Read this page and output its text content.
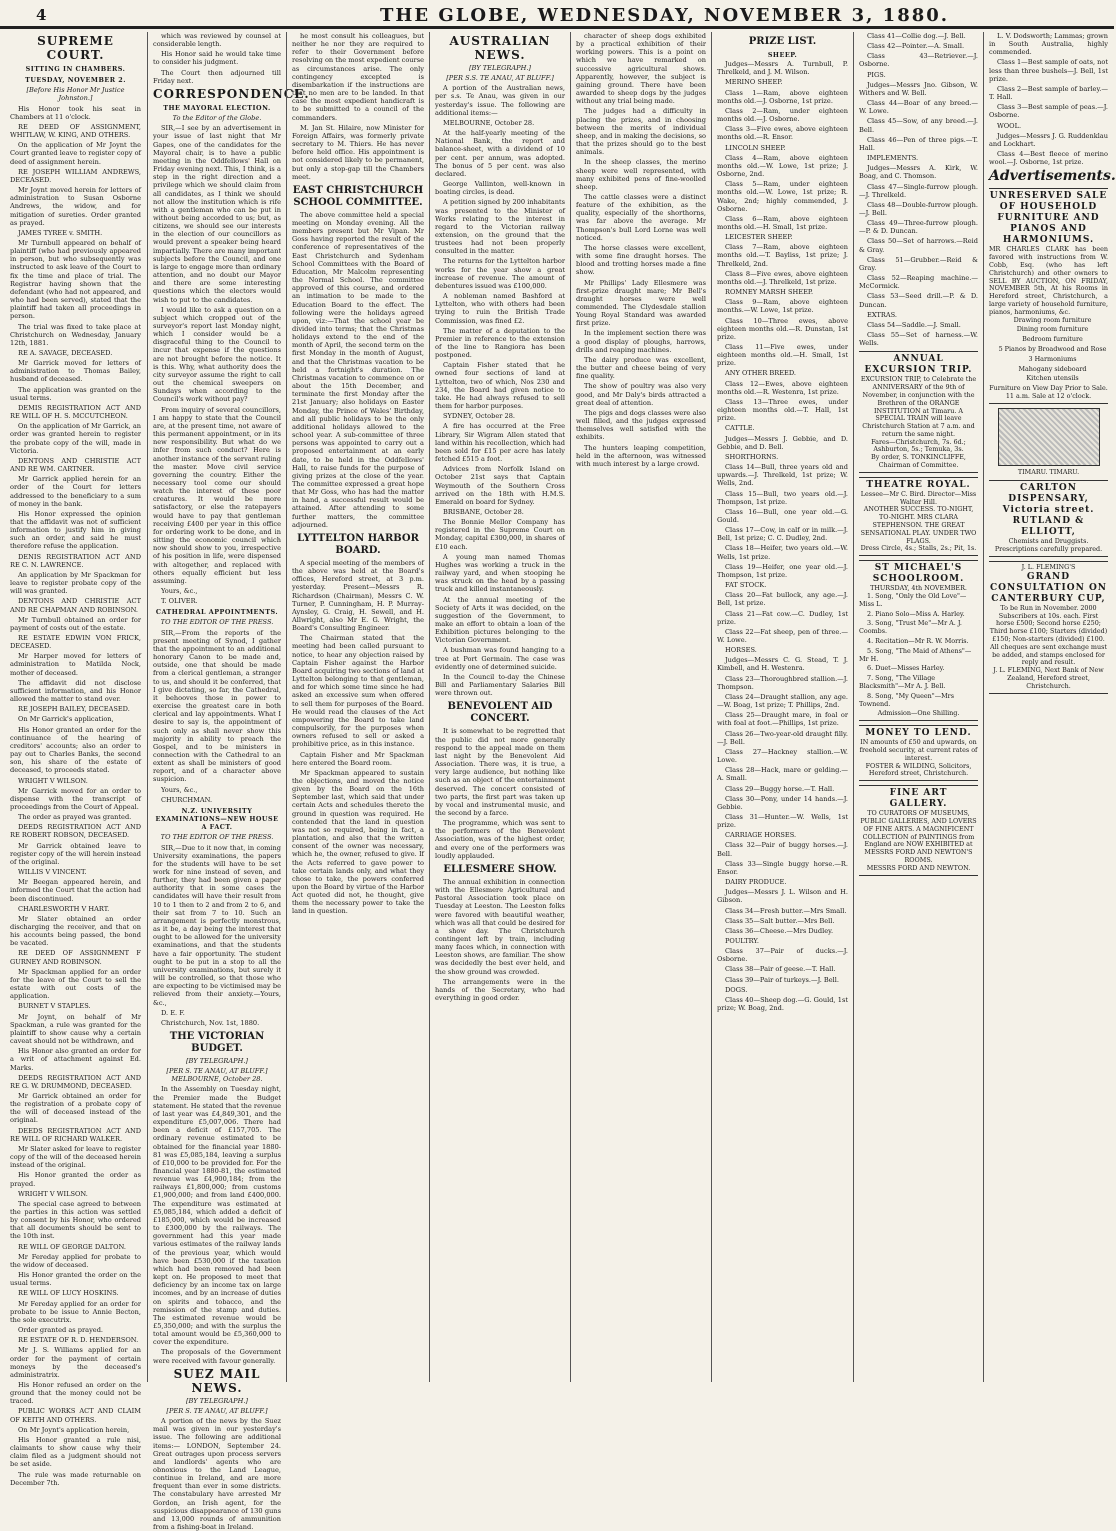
4	THE GLOBE, WEDNESDAY, NOVEMBER 3, 1880.
SUPREME COURT.
SITTING IN CHAMBERS.
TUESDAY, NOVEMBER 2.
[Before His Honor Mr Justice Johnston.]

His Honor took his seat in Chambers at 11 o'clock.

RE DEED OF ASSIGNMENT, WHITLAW, W. KING, AND OTHERS.

On the application of Mr Joynt the Court granted leave to register copy of deed of assignment herein.

RE JOSEPH WILLIAM ANDREWS, DECEASED.

Mr Joynt moved herein for letters of administration to Susan Osborne Andrews, the widow, and for mitigation of sureties. Order granted as prayed.

JAMES TYREE v. SMITH.

Mr Turnbull appeared on behalf of plaintiff (who had previously appeared in person, but who subsequently was instructed to ask leave of the Court to fix the time and place of trial. The Registrar having shown that the defendant (who had not appeared, and who had been served), stated that the plaintiff had taken all proceedings in person.

The trial was fixed to take place at Christchurch on Wednesday, January 12th, 1881.

RE A. SAVAGE, DECEASED.

Mr Garrick moved for letters of administration to Thomas Bailey, husband of deceased.

The application was granted on the usual terms.

DEMIS REGISTRATION ACT AND RE WILL OF H. S. MCCUTCHEON.

On the application of Mr Garrick, an order was granted herein to register the probate copy of the will, made in Victoria.

DENTONS AND CHRISTIE ACT AND RE WM. CARTNER.

Mr Garrick applied herein for an order of the Court for letters addressed to the beneficiary to a sum of money in the bank.

His Honor expressed the opinion that the affidavit was not of sufficient information to justify him in giving such an order, and said he must therefore refuse the application.

DENIS REGISTRATION ACT AND RE C. N. LAWRENCE.

An application by Mr Spackman for leave to register probate copy of the will was granted.

DENTONS AND CHRISTIE ACT AND RE CHAPMAN AND ROBINSON.

Mr Turnbull obtained an order for payment of costs out of the estate.

RE ESTATE EDWIN VON FRICK, DECEASED.

Mr Harper moved for letters of administration to Matilda Nock, mother of deceased.

The affidavit did not disclose sufficient information, and his Honor allowed the matter to stand over.

RE JOSEPH BAILEY, DECEASED.

On Mr Garrick's application,

His Honor granted an order for the continuance of the hearing of creditors' accounts; also an order to pay out to Charles Banks, the second son, his share of the estate of deceased, to proceeds stated.

WRIGHT V WILSON.

Mr Garrick moved for an order to dispense with the transcript of proceedings from the Court of Appeal.

The order as prayed was granted.

DEEDS REGISTRATION ACT AND RE ROBERT ROBSON, DECEASED.

Mr Garrick obtained leave to register copy of the will herein instead of the original.

WILLIS V VINCENT.

Mr Beegan appeared herein, and informed the Court that the action had been discontinued.

CHARLESWORTH V HART.

Mr Slater obtained an order discharging the receiver, and that on his accounts being passed, the bond be vacated.

RE DEED OF ASSIGNMENT F GURNEY AND ROBINSON.

Mr Spackman applied for an order for the leave of the Court to sell the estate with out costs of the application.

BURNET V STAPLES.

Mr Joynt, on behalf of Mr Spackman, a rule was granted for the plaintiff to show cause why a certain caveat should not be withdrawn, and

His Honor also granted an order for a writ of attachment against Ed. Marks.

DEEDS REGISTRATION ACT AND RE G. W. DRUMMOND, DECEASED.

Mr Garrick obtained an order for the registration of a probate copy of the will of deceased instead of the original.

DEEDS REGISTRATION ACT AND RE WILL OF RICHARD WALKER.

Mr Slater asked for leave to register copy of the will of the deceased herein instead of the original.

His Honor granted the order as prayed.

WRIGHT V WILSON.

The special case agreed to between the parties in this action was settled by consent by his Honor, who ordered that all documents should be sent to the 10th inst.

RE WILL OF GEORGE DALTON.

Mr Fereday applied for probate to the widow of deceased.

His Honor granted the order on the usual terms.

RE WILL OF LUCY HOSKINS.

Mr Fereday applied for an order for probate to be issue to Annie Becton, the sole executrix.

Order granted as prayed.

RE ESTATE OF R. D. HENDERSON.

Mr J. S. Williams applied for an order for the payment of certain moneys by the deceased's administratrix.

His Honor refused an order on the ground that the money could not be traced.

PUBLIC WORKS ACT AND CLAIM OF KEITH AND OTHERS.

On Mr Joynt's application herein,

His Honor granted a rule nisi, claimants to show cause why their claim filed as a judgment should not be set aside.

The rule was made returnable on December 7th.

which was reviewed by counsel at considerable length.

His Honor said he would take time to consider his judgment.

The Court then adjourned till Friday next.

CORRESPONDENCE.
THE MAYORAL ELECTION.
To the Editor of the Globe.

SIR,—I see by an advertisement in your issue of last night that Mr Gapes, one of the candidates for the Mayoral chair, is to have a public meeting in the Oddfellows' Hall on Friday evening next. This, I think, is a step in the right direction and a privilege which we should claim from all candidates, as I think we should not allow the institution which is rife with a gentleman who can be put in without being accorded to us; but, as citizens, we should see our interests in the election of our councillors as would prevent a speaker being heard impartially. There are many important subjects before the Council, and one is large to engage more than ordinary attention, and no doubt our Mayor and there are some interesting questions which the electors would wish to put to the candidates.

I would like to ask a question on a subject which cropped out of the surveyor's report last Monday night, which I consider would be a disgraceful thing to the Council to incur that expense if the questions are not brought before the notice. It is this. Why, what authority does the city surveyor assume the right to call out the chemical sweepers on Sundays when according to the Council's work without pay?

From inquiry of several councillors, I am happy to state that the Council are, at the present time, not aware of this permanent appointment, or in its new responsibility. But what do we infer from such conduct? Here is another instance of the servant ruling the master. Move civil service governing the country. Either the necessary tool come our should watch the interest of these poor creatures. It would be more satisfactory, or else the ratepayers would have to pay that gentleman receiving £400 per year in this office for ordering work to be done, and in sitting the economic council which now should show to you, irrespective of his position in life, were dispensed with altogether, and replaced with others equally efficient but less assuming.

Yours, &c.,

T. OLIVER.

CATHEDRAL APPOINTMENTS.
TO THE EDITOR OF THE PRESS.

SIR,—From the reports of the present meeting of Synod, I gather that the appointment to an additional honorary Canon to be made and, outside, one that should be made from a clerical gentleman, a stranger to us, and should it be conferred, that I give dictating, so far, the Cathedral, it behooves those in power to exercise the greatest care in both clerical and lay appointments. What I desire to say is, the appointment of such only as shall never show this majority in ability to preach the Gospel, and to be ministers in connection with the Cathedral to an extent as shall be ministers of good report, and of a character above suspicion.

Yours, &c.,

CHURCHMAN.

N.Z. UNIVERSITY EXAMINATIONS—NEW HOUSE A FACT.
TO THE EDITOR OF THE PRESS.

SIR,—Due to it now that, in coming University examinations, the papers for the students will have to be set work for nine instead of seven, and further, they had been given a paper authority that in some cases the candidates will have their result from 10 to 1 then to 2 and from 2 to 6, and their sat from 7 to 10. Such an arrangement is perfectly monstrous, as it be, a day being the interest that ought to be allowed for the university examinations, and that the students have a fair opportunity. The student ought to be put in a stop to all the university examinations, but surely it will be controlled, so that those who are expecting to be victimised may be relieved from their anxiety.—Yours, &c.,

D. E. F.

Christchurch, Nov. 1st, 1880.

THE VICTORIAN BUDGET.
[BY TELEGRAPH.]
[PER S. TE ANAU, AT BLUFF.] MELBOURNE, October 28.

In the Assembly on Tuesday night, the Premier made the Budget statement. He stated that the revenue of last year was £4,849,301, and the expenditure £5,007,006. There had been a deficit of £157,705. The ordinary revenue estimated to be obtained for the financial year 1880-81 was £5,085,184, leaving a surplus of £10,000 to be provided for. For the financial year 1880-81, the estimated revenue was £4,900,184; from the railways £1,800,000; from customs £1,900,000; and from land £400,000. The expenditure was estimated at £5,085,184, which added a deficit of £185,000, which would be increased to £300,000 by the railways. The government had this year made various estimates of the railway lands of the previous year, which would have been £530,000 if the taxation which had been removed had been kept on. He proposed to meet that deficiency by an income tax on large incomes, and by an increase of duties on spirits and tobacco, and the remission of the stamp and duties. The estimated revenue would be £5,350,000; and with the surplus the total amount would be £5,360,000 to cover the expenditure.

The proposals of the Government were received with favour generally.

SUEZ MAIL NEWS.
[BY TELEGRAPH.]
[PER S. TE ANAU, AT BLUFF.]

A portion of the news by the Suez mail was given in our yesterday's issue. The following are additional items:— LONDON, September 24. Great outrages upon process servers and landlords' agents who are obnoxious to the Land League, continue in Ireland, and are more frequent than ever in some districts. The constabulary have arrested Mr Gordon, an Irish agent, for the suspicious disappearance of 130 guns and 13,000 rounds of ammunition from a fishing-boat in Ireland.

he most consult his colleagues, but neither he nor they are required to refer to their Government before resolving on the most expedient course as circumstances arise. The only contingency excepted is disembarkation if the instructions are that no men are to be landed. In that case the most expedient handicraft is to be submitted to a council of the commanders.

M. Jan St. Hilaire, now Minister for Foreign Affairs, was formerly private secretary to M. Thiers. He has never before held office. His appointment is not considered likely to be permanent, but only a stop-gap till the Chambers meet.

EAST CHRISTCHURCH SCHOOL COMMITTEE.

The above committee held a special meeting on Monday evening. All the members present but Mr Vipan. Mr Goss having reported the result of the conference of representatives of the East Christchurch and Sydenham School Committees with the Board of Education, Mr Malcolm representing the Normal School. The committee approved of this course, and ordered an intimation to be made to the Education Board to the effect. The following were the holidays agreed upon, viz:—That the school year be divided into terms; that the Christmas holidays extend to the end of the month of April, the second term on the first Monday in the month of August, and that the Christmas vacation to be held a fortnight's duration. The Christmas vacation to commence on or about the 15th December, and terminate the first Monday after the 21st January; also holidays on Easter Monday, the Prince of Wales' Birthday, and all public holidays to be the only additional holidays allowed to the school year. A sub-committee of three persons was appointed to carry out a proposed entertainment at an early date, to be held in the Oddfellows' Hall, to raise funds for the purpose of giving prizes at the close of the year. The committee expressed a great hope that Mr Goss, who has had the matter in hand, a successful result would be attained. After attending to some further matters, the committee adjourned.

LYTTELTON HARBOR BOARD.

A special meeting of the members of the above was held at the Board's offices, Hereford street, at 3 p.m. yesterday. Present—Messrs R. Richardson (Chairman), Messrs C. W. Turner, P. Cunningham, H. P. Murray-Aynsley, G. Craig, H. Sewell, and H. Allwright, also Mr E. G. Wright, the Board's Consulting Engineer.

The Chairman stated that the meeting had been called pursuant to notice, to hear any objection raised by Captain Fisher against the Harbor Board acquiring two sections of land at Lyttelton belonging to that gentleman, and for which some time since he had asked an excessive sum when offered to sell them for purposes of the Board. He would read the clauses of the Act empowering the Board to take land compulsorily, for the purposes when owners refused to sell or asked a prohibitive price, as in this instance.

Captain Fisher and Mr Spackman here entered the Board room.

Mr Spackman appeared to sustain the objections, and moved the notice given by the Board on the 16th September last, which said that under certain Acts and schedules thereto the ground in question was required. He contended that the land in question was not so required, being in fact, a plantation, and also that the written consent of the owner was necessary, which he, the owner, refused to give. If the Acts referred to gave power to take certain lands only, and what they chose to take, the powers conferred upon the Board by virtue of the Harbor Act quoted did not, he thought, give them the necessary power to take the land in question.

AUSTRALIAN NEWS.
[BY TELEGRAPH.]
[PER S.S. TE ANAU, AT BLUFF.]

A portion of the Australian news, per s.s. Te Anau, was given in our yesterday's issue. The following are additional items:—

MELBOURNE, October 28.

At the half-yearly meeting of the National Bank, the report and balance-sheet, with a dividend of 10 per cent. per annum, was adopted. The bonus of 5 per cent. was also declared.

George Vallinton, well-known in boating circles, is dead.

A petition signed by 200 inhabitants was presented to the Minister of Works relating to the interest in regard to the Victorian railway extension, on the ground that the trustees had not been properly consulted in the matter.

The returns for the Lyttelton harbor works for the year show a great increase of revenue. The amount of debentures issued was £100,000.

A nobleman named Bashford at Lyttelton, who with others had been trying to ruin the British Trade Commission, was fined £2.

The matter of a deputation to the Premier in reference to the extension of the line to Rangiora has been postponed.

Captain Fisher stated that he owned four sections of land at Lyttelton, two of which, Nos 230 and 234, the Board had given notice to take. He had always refused to sell them for harbor purposes.

SYDNEY, October 28.

A fire has occurred at the Free Library, Sir Wigram Allen stated that land within his recollection, which had been sold for £15 per acre has lately fetched £515 a foot.

Advices from Norfolk Island on October 21st says that Captain Weymouth of the Southern Cross arrived on the 18th with H.M.S. Emerald on board for Sydney.

BRISBANE, October 28.

The Bonnie Mellor Company has registered in the Supreme Court on Monday, capital £300,000, in shares of £10 each.

A young man named Thomas Hughes was working a truck in the railway yard, and when stooping he was struck on the head by a passing truck and killed instantaneously.

At the annual meeting of the Society of Arts it was decided, on the suggestion of the Government, to make an effort to obtain a loan of the Exhibition pictures belonging to the Victorian Government.

A bushman was found hanging to a tree at Port Germain. The case was evidently one of determined suicide.

In the Council to-day the Chinese Bill and Parliamentary Salaries Bill were thrown out.

BENEVOLENT AID CONCERT.

It is somewhat to be regretted that the public did not more generally respond to the appeal made on them last night by the Benevolent Aid Association. There was, it is true, a very large audience, but nothing like such as an object of the entertainment deserved. The concert consisted of two parts, the first part was taken up by vocal and instrumental music, and the second by a farce.

The programme, which was sent to the performers of the Benevolent Association, was of the highest order, and every one of the performers was loudly applauded.

ELLESMERE SHOW.

The annual exhibition in connection with the Ellesmere Agricultural and Pastoral Association took place on Tuesday at Leeston. The Leeston folks were favored with beautiful weather, which was all that could be desired for a show day. The Christchurch contingent left by train, including many faces which, in connection with Leeston shows, are familiar. The show was decidedly the best ever held, and the show ground was crowded.

The arrangements were in the hands of the Secretary, who had everything in good order.

character of sheep dogs exhibited by a practical exhibition of their working powers. This is a point on which we have remarked on successive agricultural shows. Apparently, however, the subject is gaining ground. There have been awarded to sheep dogs by the judges without any trial being made.

The judges had a difficulty in placing the prizes, and in choosing between the merits of individual sheep, and in making the decisions, so that the prizes should go to the best animals.

In the sheep classes, the merino sheep were well represented, with many exhibited pens of fine-woolled sheep.

The cattle classes were a distinct feature of the exhibition, as the quality, especially of the shorthorns, was far above the average. Mr Thompson's bull Lord Lorne was well noticed.

The horse classes were excellent, with some fine draught horses. The blood and trotting horses made a fine show.

Mr Phillips' Lady Ellesmere was first-prize draught mare; Mr Bell's draught horses were well commended. The Clydesdale stallion Young Royal Standard was awarded first prize.

In the implement section there was a good display of ploughs, harrows, drills and reaping machines.

The dairy produce was excellent, the butter and cheese being of very fine quality.

The show of poultry was also very good, and Mr Daly's birds attracted a great deal of attention.

The pigs and dogs classes were also well filled, and the judges expressed themselves well satisfied with the exhibits.

The hunters leaping competition, held in the afternoon, was witnessed with much interest by a large crowd.

PRIZE LIST.
SHEEP.

Judges—Messrs A. Turnbull, P. Threlkeld, and J. M. Wilson.

MERINO SHEEP.

Class 1—Ram, above eighteen months old.—J. Osborne, 1st prize.

Class 2—Ram, under eighteen months old.—J. Osborne.

Class 3—Five ewes, above eighteen months old.—R. Ensor.

LINCOLN SHEEP.

Class 4—Ram, above eighteen months old.—W. Lowe, 1st prize; J. Osborne, 2nd.

Class 5—Ram, under eighteen months old.—W. Lowe, 1st prize; R. Wake, 2nd; highly commended, J. Osborne.

Class 6—Ram, above eighteen months old.—H. Small, 1st prize.

LEICESTER SHEEP.

Class 7—Ram, above eighteen months old.—T. Bayliss, 1st prize; J. Threlkeld, 2nd.

Class 8—Five ewes, above eighteen months old.—J. Threlkeld, 1st prize.

ROMNEY MARSH SHEEP.

Class 9—Ram, above eighteen months.—W. Lowe, 1st prize.

Class 10—Three ewes, above eighteen months old.—R. Dunstan, 1st prize.

Class 11—Five ewes, under eighteen months old.—H. Small, 1st prize.

ANY OTHER BREED.

Class 12—Ewes, above eighteen months old.—R. Westenra, 1st prize.

Class 13—Three ewes, under eighteen months old.—T. Hall, 1st prize.

CATTLE.

Judges—Messrs J. Gebbie, and D. Gebbie, and D. Bell.

SHORTHORNS.

Class 14—Bull, three years old and upwards.—J. Threlkeld, 1st prize; W. Wells, 2nd.

Class 15—Bull, two years old.—J. Thompson, 1st prize.

Class 16—Bull, one year old.—G. Gould.

Class 17—Cow, in calf or in milk.—J. Bell, 1st prize; C. C. Dudley, 2nd.

Class 18—Heifer, two years old.—W. Wells, 1st prize.

Class 19—Heifer, one year old.—J. Thompson, 1st prize.

FAT STOCK.

Class 20—Fat bullock, any age.—J. Bell, 1st prize.

Class 21—Fat cow.—C. Dudley, 1st prize.

Class 22—Fat sheep, pen of three.—W. Lowe.

HORSES.

Judges—Messrs C. G. Stead, T. J. Kimbell, and H. Westenra.

Class 23—Thoroughbred stallion.—J. Thompson.

Class 24—Draught stallion, any age.—W. Boag, 1st prize; T. Phillips, 2nd.

Class 25—Draught mare, in foal or with foal at foot.—Phillips, 1st prize.

Class 26—Two-year-old draught filly.—J. Bell.

Class 27—Hackney stallion.—W. Lowe.

Class 28—Hack, mare or gelding.—A. Small.

Class 29—Buggy horse.—T. Hall.

Class 30—Pony, under 14 hands.—J. Gebbie.

Class 31—Hunter.—W. Wells, 1st prize.

CARRIAGE HORSES.

Class 32—Pair of buggy horses.—J. Bell.

Class 33—Single buggy horse.—R. Ensor.

DAIRY PRODUCE.

Judges—Messrs J. L. Wilson and H. Gibson.

Class 34—Fresh butter.—Mrs Small.

Class 35—Salt butter.—Mrs Bell.

Class 36—Cheese.—Mrs Dudley.

POULTRY.

Class 37—Pair of ducks.—J. Osborne.

Class 38—Pair of geese.—T. Hall.

Class 39—Pair of turkeys.—J. Bell.

DOGS.

Class 40—Sheep dog.—G. Gould, 1st prize; W. Boag, 2nd.

Class 41—Collie dog.—J. Bell.

Class 42—Pointer.—A. Small.

Class 43—Retriever.—J. Osborne.

PIGS.

Judges—Messrs Jno. Gibson, W. Withers and W. Bell.

Class 44—Boar of any breed.—W. Lowe.

Class 45—Sow, of any breed.—J. Bell.

Class 46—Pen of three pigs.—T. Hall.

IMPLEMENTS.

Judges—Messrs A. Kirk, W. Boag, and C. Thomson.

Class 47—Single-furrow plough.—J. Threlkeld.

Class 48—Double-furrow plough.—J. Bell.

Class 49—Three-furrow plough.—P. & D. Duncan.

Class 50—Set of harrows.—Reid & Gray.

Class 51—Grubber.—Reid & Gray.

Class 52—Reaping machine.—McCormick.

Class 53—Seed drill.—P. & D. Duncan.

EXTRAS.

Class 54—Saddle.—J. Small.

Class 55—Set of harness.—W. Wells.

ANNUAL EXCURSION TRIP.
EXCURSION TRIP, to Celebrate the ANNIVERSARY of the 9th of November, in conjunction with the Brethren of the ORANGE INSTITUTION at Timaru. A SPECIAL TRAIN will leave Christchurch Station at 7 a.m. and return the same night.
Fares—Christchurch, 7s. 6d.; Ashburton, 5s.; Temuka, 3s.
By order, S. TONKINCLIFFE, Chairman of Committee.
THEATRE ROYAL.
Lessee—Mr C. Bird. Director—Miss Walter Hill.
ANOTHER SUCCESS. TO-NIGHT, TO-NIGHT. MRS CLARA STEPHENSON. THE GREAT SENSATIONAL PLAY. UNDER TWO FLAGS.
Dress Circle, 4s.; Stalls, 2s.; Pit, 1s.
ST MICHAEL'S SCHOOLROOM.
THURSDAY, 4th NOVEMBER.

1. Song, "Only the Old Love"—Miss L.

2. Piano Solo—Miss A. Harley.

3. Song, "Trust Me"—Mr A. J. Coombs.

4. Recitation—Mr R. W. Morris.

5. Song, "The Maid of Athens"—Mr H.

6. Duet—Misses Harley.

7. Song, "The Village Blacksmith"—Mr A. J. Bell.

8. Song, "My Queen"—Mrs Townend.

Admission—One Shilling.
MONEY TO LEND.
IN amounts of £50 and upwards, on freehold security, at current rates of interest.
FOSTER & WILDING, Solicitors, Hereford street, Christchurch.
FINE ART GALLERY.
TO CURATORS OF MUSEUMS, PUBLIC GALLERIES, AND LOVERS OF FINE ARTS. A MAGNIFICENT COLLECTION of PAINTINGS from England are NOW EXHIBITED at MESSRS FORD AND NEWTON'S ROOMS.
MESSRS FORD AND NEWTON.

L. V. Dodsworth; Lammas; grown in South Australia, highly commended.

Class 1—Best sample of oats, not less than three bushels—J. Bell, 1st prize.

Class 2—Best sample of barley.—T. Hall.

Class 3—Best sample of peas.—J. Osborne.

WOOL.

Judges—Messrs J. G. Ruddenklau and Lockhart.

Class 4—Best fleece of merino wool.—J. Osborne, 1st prize.

Advertisements.
UNRESERVED SALE OF HOUSEHOLD FURNITURE AND PIANOS AND HARMONIUMS.
MR CHARLES CLARK has been favored with instructions from W. Cobb, Esq. (who has left Christchurch) and other owners to SELL BY AUCTION, ON FRIDAY, NOVEMBER 5th, At his Rooms in Hereford street, Christchurch, a large variety of household furniture, pianos, harmoniums, &c.

Drawing room furniture

Dining room furniture

Bedroom furniture

5 Pianos by Broadwood and Rose

3 Harmoniums

Mahogany sideboard

Kitchen utensils

Furniture on View Day Prior to Sale. 11 a.m. Sale at 12 o'clock.
TIMARU. TIMARU.
CARLTON DISPENSARY, Victoria street.
RUTLAND & ELLIOTT,
Chemists and Druggists. Prescriptions carefully prepared.
J. L. FLEMING'S
GRAND CONSULTATION ON CANTERBURY CUP,
To be Run in November. 2000 Subscribers at 10s. each. First horse £500; Second horse £250; Third horse £100; Starters (divided) £150; Non-starters (divided) £100. All cheques are sent exchange must be added, and stamps enclosed for reply and result.
J. L. FLEMING, Next Bank of New Zealand, Hereford street, Christchurch.
